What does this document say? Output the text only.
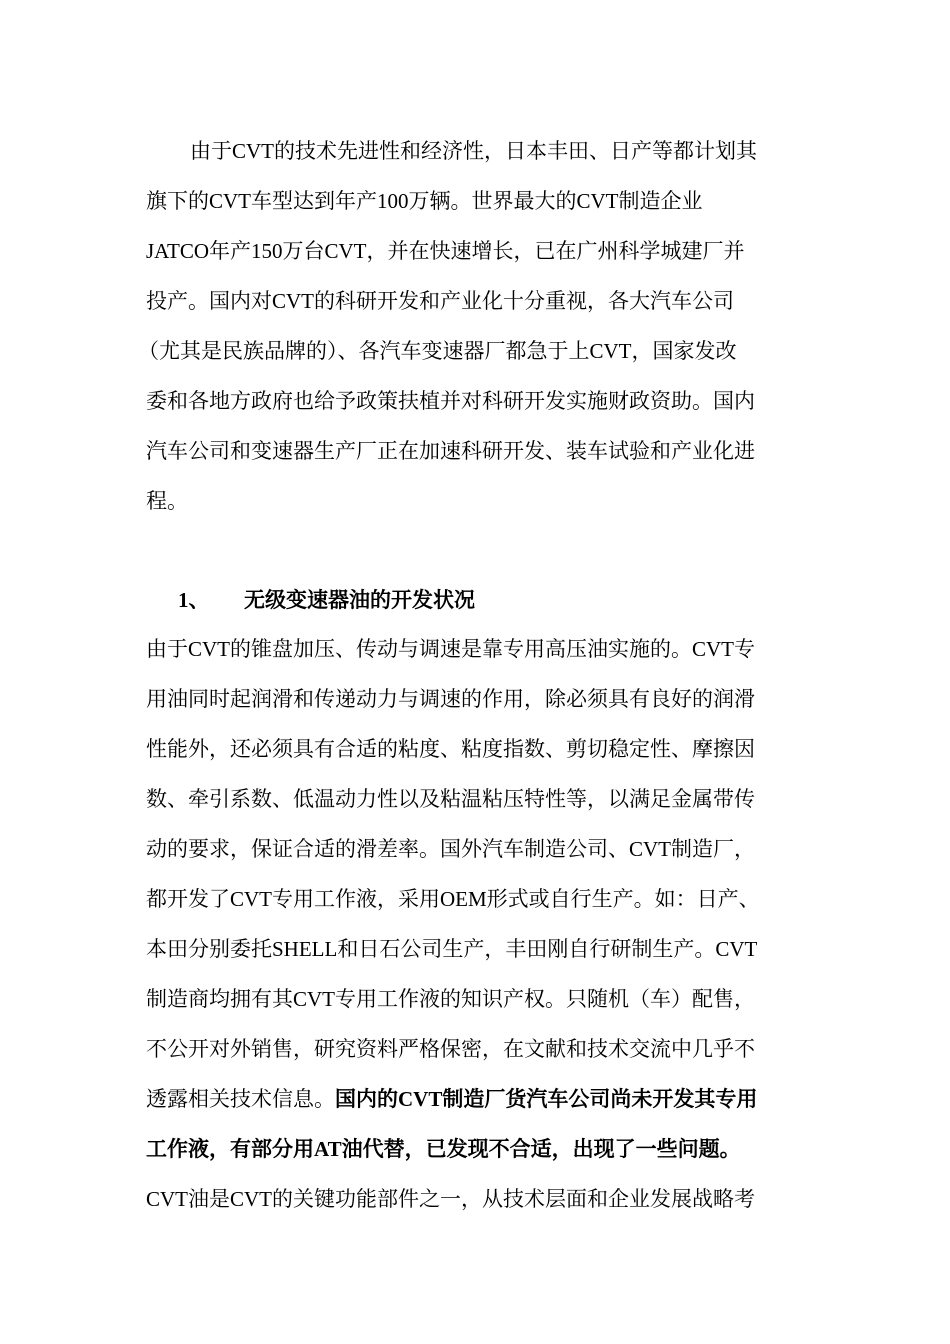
由于CVT的技术先进性和经济性，日本丰田、日产等都计划其
旗下的CVT车型达到年产100万辆。世界最大的CVT制造企业
JATCO年产150万台CVT，并在快速增长，已在广州科学城建厂并
投产。国内对CVT的科研开发和产业化十分重视，各大汽车公司
（尤其是民族品牌的）、各汽车变速器厂都急于上CVT，国家发改
委和各地方政府也给予政策扶植并对科研开发实施财政资助。国内
汽车公司和变速器生产厂正在加速科研开发、装车试验和产业化进
程。
1、 无级变速器油的开发状况
由于CVT的锥盘加压、传动与调速是靠专用高压油实施的。CVT专
用油同时起润滑和传递动力与调速的作用，除必须具有良好的润滑
性能外，还必须具有合适的粘度、粘度指数、剪切稳定性、摩擦因
数、牵引系数、低温动力性以及粘温粘压特性等，以满足金属带传
动的要求，保证合适的滑差率。国外汽车制造公司、CVT制造厂，
都开发了CVT专用工作液，采用OEM形式或自行生产。如：日产、
本田分别委托SHELL和日石公司生产，丰田刚自行研制生产。CVT
制造商均拥有其CVT专用工作液的知识产权。只随机（车）配售，
不公开对外销售，研究资料严格保密，在文献和技术交流中几乎不
透露相关技术信息。国内的CVT制造厂货汽车公司尚未开发其专用
工作液，有部分用AT油代替，已发现不合适，出现了一些问题。
CVT油是CVT的关键功能部件之一，从技术层面和企业发展战略考
